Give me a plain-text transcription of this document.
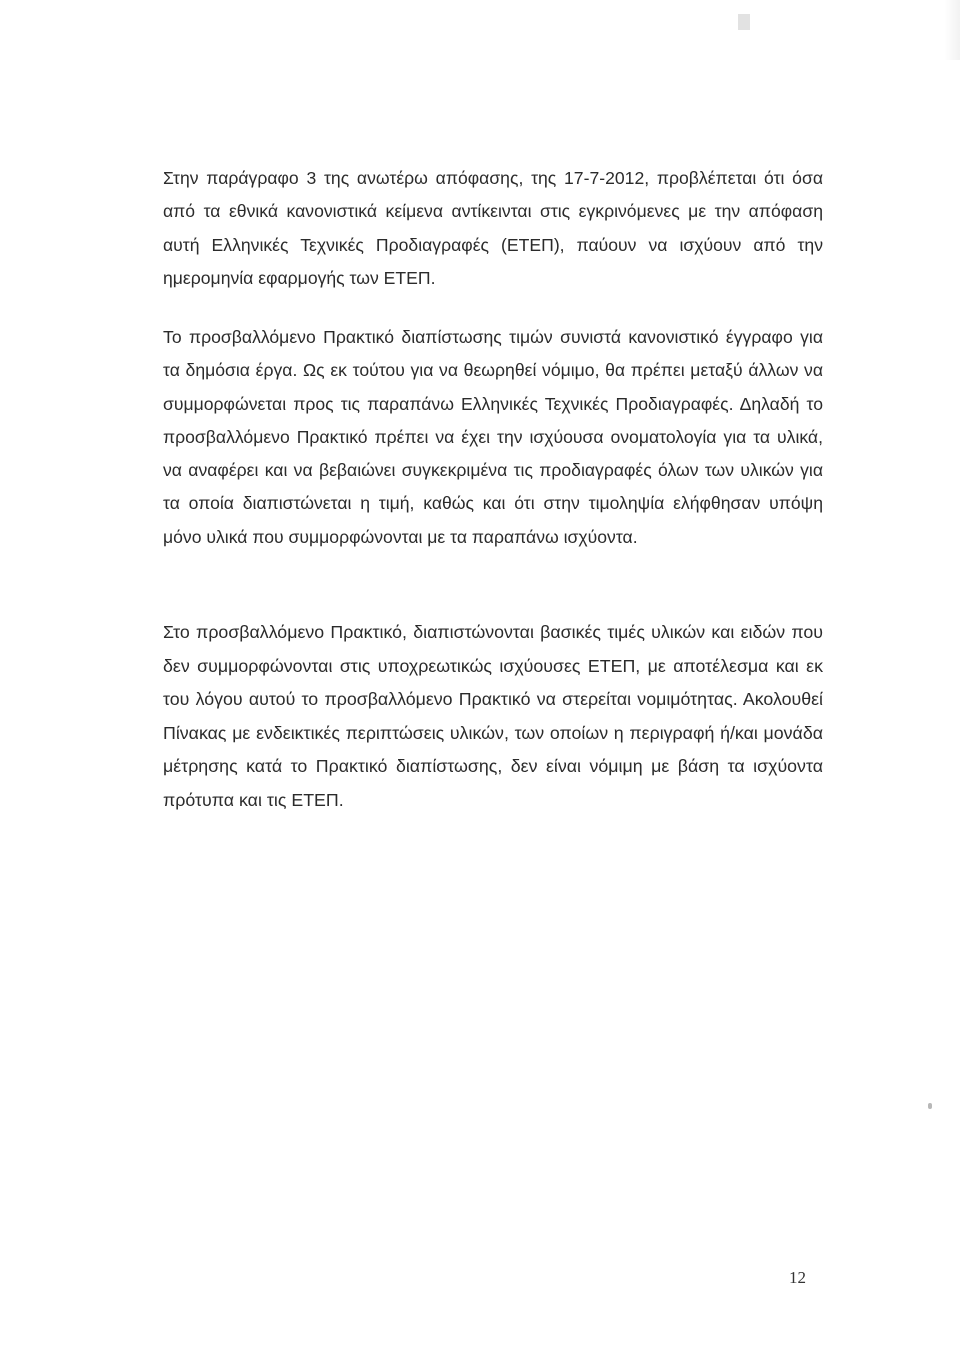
Στην παράγραφο 3 της ανωτέρω απόφασης, της 17-7-2012, προβλέπεται ότι όσα από τα εθνικά κανονιστικά κείμενα αντίκεινται στις εγκρινόμενες με την απόφαση αυτή Ελληνικές Τεχνικές Προδιαγραφές (ΕΤΕΠ), παύουν να ισχύουν από την ημερομηνία εφαρμογής των ΕΤΕΠ.

Το προσβαλλόμενο Πρακτικό διαπίστωσης τιμών συνιστά κανονιστικό έγγραφο για τα δημόσια έργα. Ως εκ τούτου για να θεωρηθεί νόμιμο, θα πρέπει μεταξύ άλλων να συμμορφώνεται προς τις παραπάνω Ελληνικές Τεχνικές Προδιαγραφές. Δηλαδή το προσβαλλόμενο Πρακτικό πρέπει να έχει την ισχύουσα ονοματολογία για τα υλικά, να αναφέρει και να βεβαιώνει συγκεκριμένα τις προδιαγραφές όλων των υλικών για τα οποία διαπιστώνεται η τιμή, καθώς και ότι στην τιμοληψία ελήφθησαν υπόψη μόνο υλικά που συμμορφώνονται με τα παραπάνω ισχύοντα.

Στο προσβαλλόμενο Πρακτικό, διαπιστώνονται βασικές τιμές υλικών και ειδών που δεν συμμορφώνονται στις υποχρεωτικώς ισχύουσες ΕΤΕΠ, με αποτέλεσμα και εκ του λόγου αυτού το προσβαλλόμενο Πρακτικό να στερείται νομιμότητας. Ακολουθεί Πίνακας με ενδεικτικές περιπτώσεις υλικών, των οποίων η περιγραφή ή/και μονάδα μέτρησης κατά το Πρακτικό διαπίστωσης, δεν είναι νόμιμη με βάση τα ισχύοντα πρότυπα και τις ΕΤΕΠ.

12
